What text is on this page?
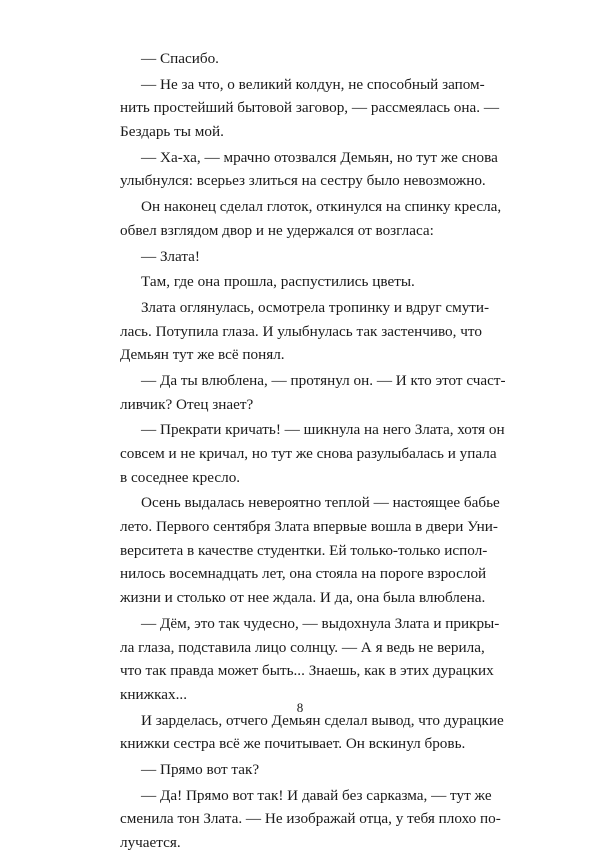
— Спасибо.
— Не за что, о великий колдун, не способный запом-
нить простейший бытовой заговор, — рассмеялась она. —
Бездарь ты мой.
— Ха-ха, — мрачно отозвался Демьян, но тут же снова
улыбнулся: всерьез злиться на сестру было невозможно.
Он наконец сделал глоток, откинулся на спинку кресла,
обвел взглядом двор и не удержался от возгласа:
— Злата!
Там, где она прошла, распустились цветы.
Злата оглянулась, осмотрела тропинку и вдруг смути-
лась. Потупила глаза. И улыбнулась так застенчиво, что
Демьян тут же всё понял.
— Да ты влюблена, — протянул он. — И кто этот счаст-
ливчик? Отец знает?
— Прекрати кричать! — шикнула на него Злата, хотя он
совсем и не кричал, но тут же снова разулыбалась и упала
в соседнее кресло.
Осень выдалась невероятно теплой — настоящее бабье
лето. Первого сентября Злата впервые вошла в двери Уни-
верситета в качестве студентки. Ей только-только испол-
нилось восемнадцать лет, она стояла на пороге взрослой
жизни и столько от нее ждала. И да, она была влюблена.
— Дём, это так чудесно, — выдохнула Злата и прикры-
ла глаза, подставила лицо солнцу. — А я ведь не верила,
что так правда может быть... Знаешь, как в этих дурацких
книжках...
И зарделась, отчего Демьян сделал вывод, что дурацкие
книжки сестра всё же почитывает. Он вскинул бровь.
— Прямо вот так?
— Да! Прямо вот так! И давай без сарказма, — тут же
сменила тон Злата. — Не изображай отца, у тебя плохо по-
лучается.
8
